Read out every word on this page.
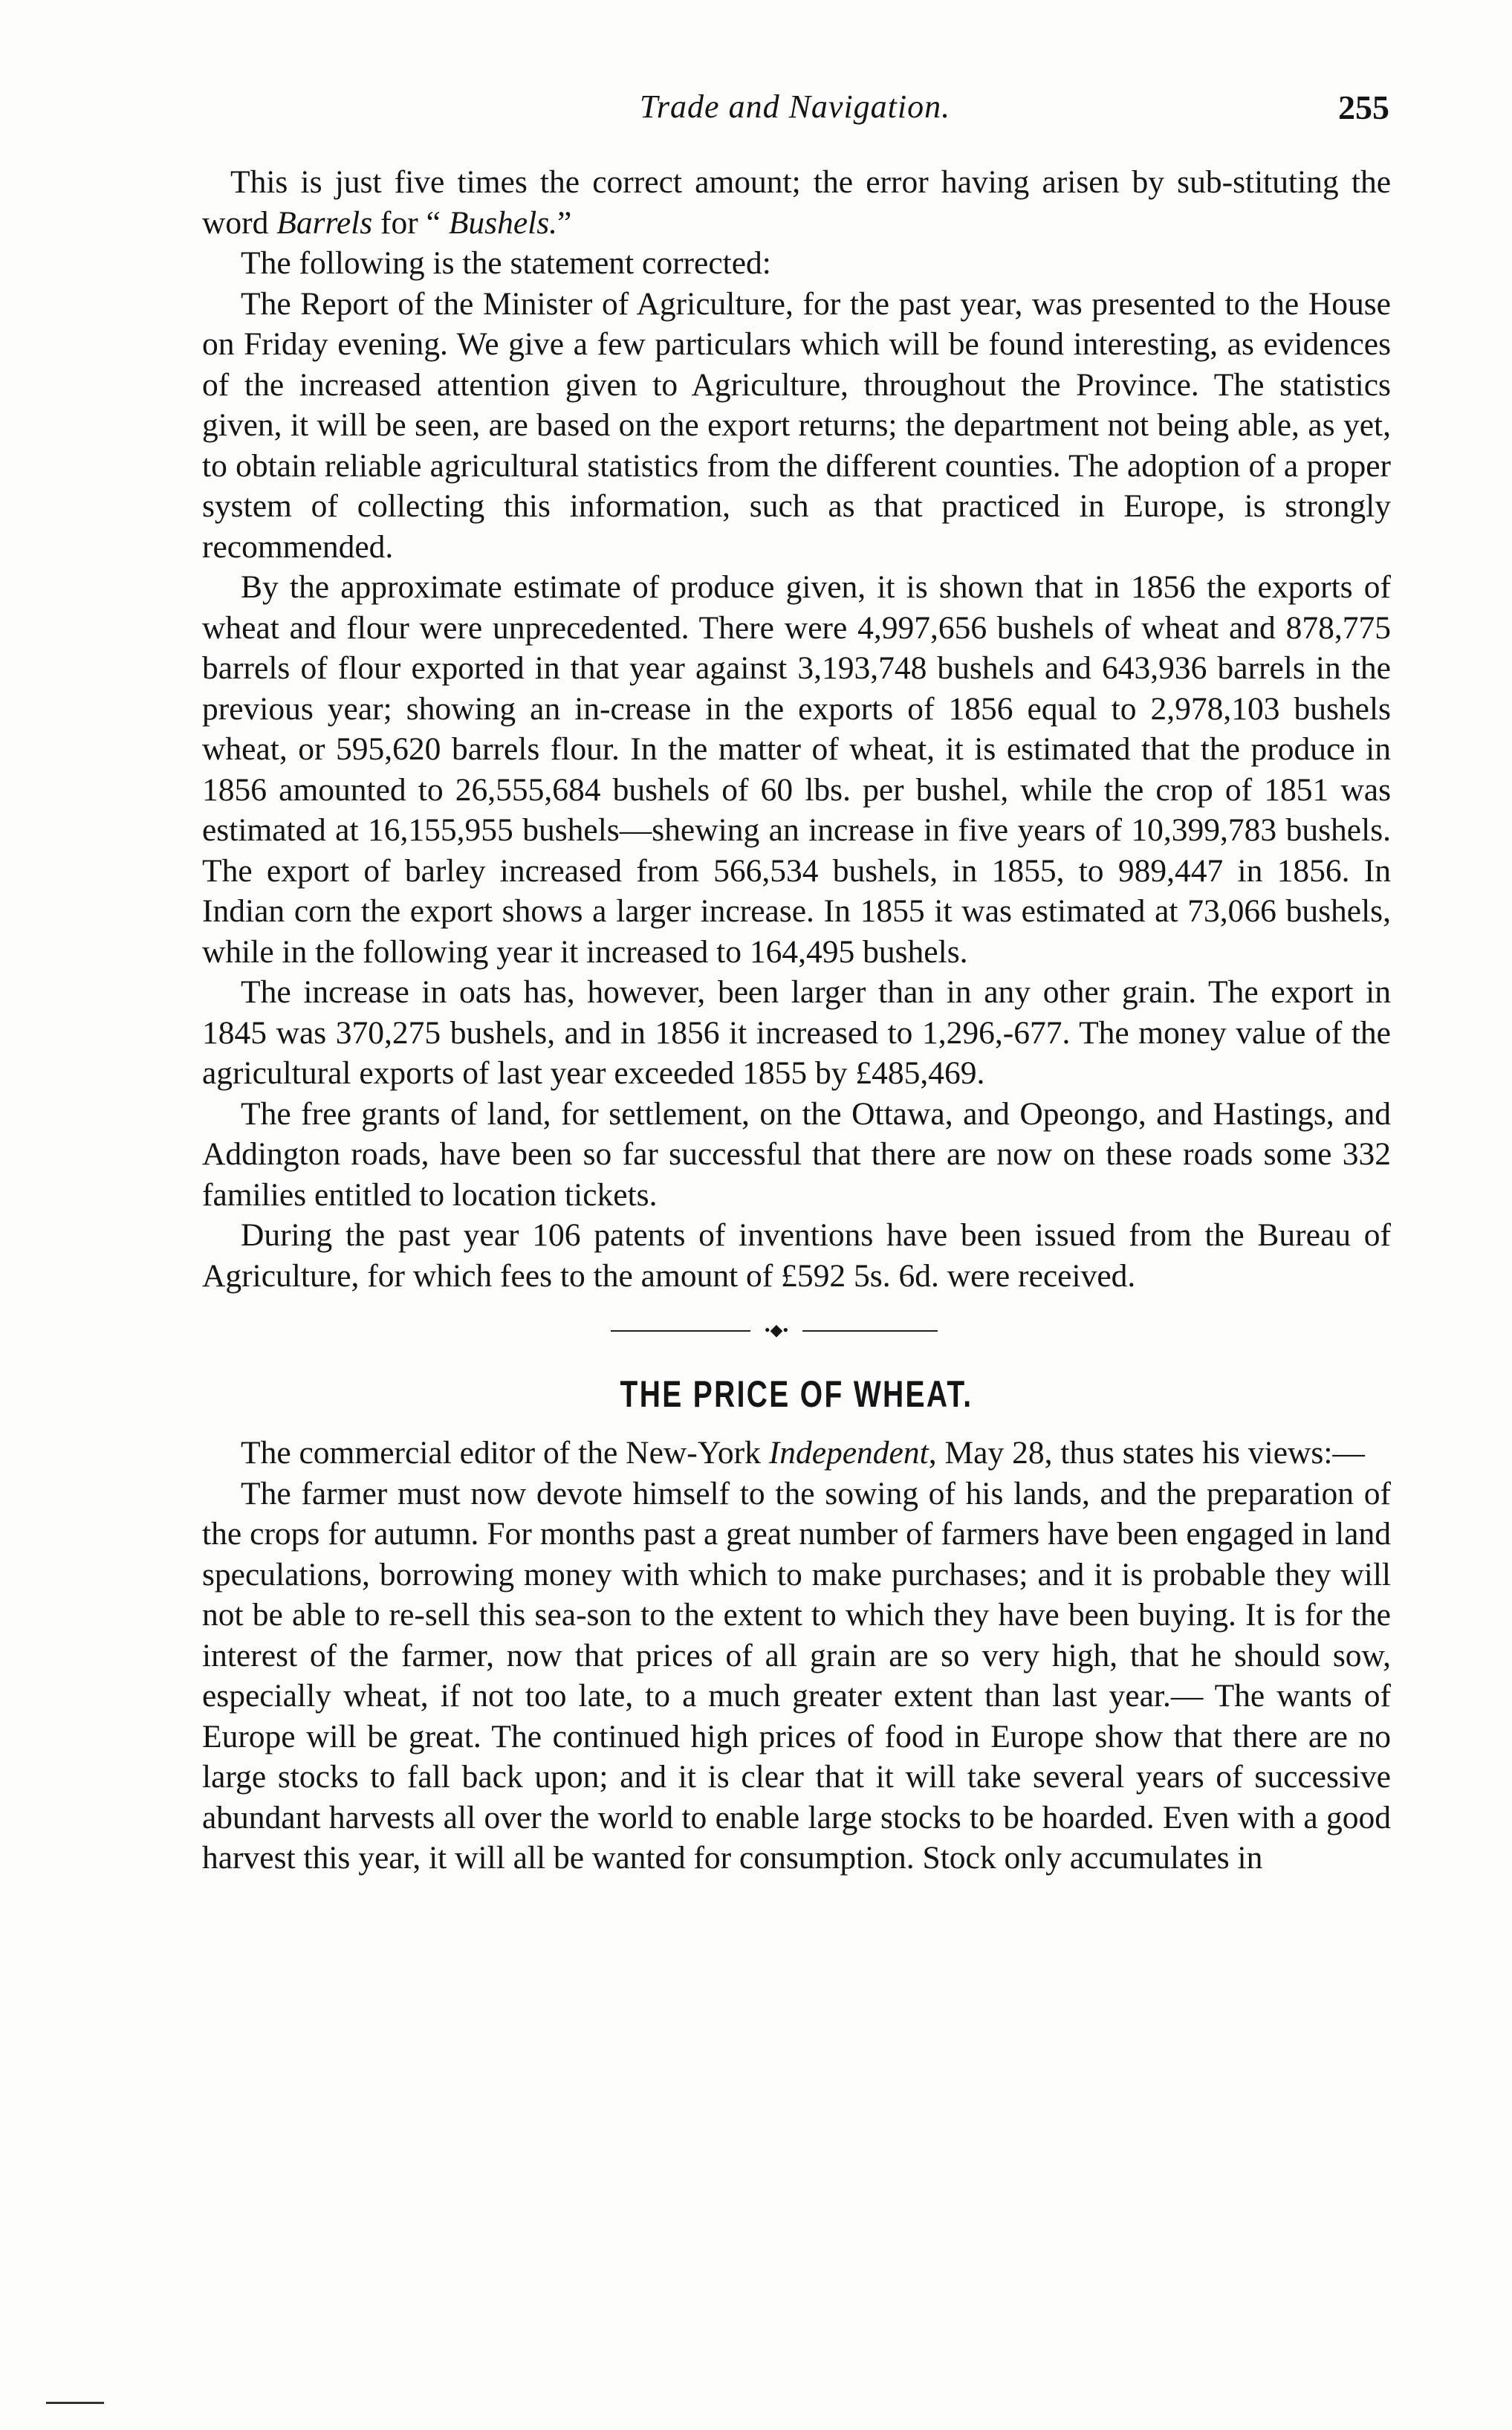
Trade and Navigation.	255

This is just five times the correct amount; the error having arisen by sub-stituting the word Barrels for “ Bushels.”

The following is the statement corrected:

The Report of the Minister of Agriculture, for the past year, was presented to the House on Friday evening. We give a few particulars which will be found interesting, as evidences of the increased attention given to Agriculture, throughout the Province. The statistics given, it will be seen, are based on the export returns; the department not being able, as yet, to obtain reliable agricultural statistics from the different counties. The adoption of a proper system of collecting this information, such as that practiced in Europe, is strongly recommended.

By the approximate estimate of produce given, it is shown that in 1856 the exports of wheat and flour were unprecedented. There were 4,997,656 bushels of wheat and 878,775 barrels of flour exported in that year against 3,193,748 bushels and 643,936 barrels in the previous year; showing an in-crease in the exports of 1856 equal to 2,978,103 bushels wheat, or 595,620 barrels flour. In the matter of wheat, it is estimated that the produce in 1856 amounted to 26,555,684 bushels of 60 lbs. per bushel, while the crop of 1851 was estimated at 16,155,955 bushels—shewing an increase in five years of 10,399,783 bushels. The export of barley increased from 566,534 bushels, in 1855, to 989,447 in 1856. In Indian corn the export shows a larger increase. In 1855 it was estimated at 73,066 bushels, while in the following year it increased to 164,495 bushels.

The increase in oats has, however, been larger than in any other grain. The export in 1845 was 370,275 bushels, and in 1856 it increased to 1,296,-677. The money value of the agricultural exports of last year exceeded 1855 by £485,469.

The free grants of land, for settlement, on the Ottawa, and Opeongo, and Hastings, and Addington roads, have been so far successful that there are now on these roads some 332 families entitled to location tickets.

During the past year 106 patents of inventions have been issued from the Bureau of Agriculture, for which fees to the amount of £592 5s. 6d. were received.

•◆•
THE PRICE OF WHEAT.

The commercial editor of the New-York Independent, May 28, thus states his views:—

The farmer must now devote himself to the sowing of his lands, and the preparation of the crops for autumn. For months past a great number of farmers have been engaged in land speculations, borrowing money with which to make purchases; and it is probable they will not be able to re-sell this sea-son to the extent to which they have been buying. It is for the interest of the farmer, now that prices of all grain are so very high, that he should sow, especially wheat, if not too late, to a much greater extent than last year.— The wants of Europe will be great. The continued high prices of food in Europe show that there are no large stocks to fall back upon; and it is clear that it will take several years of successive abundant harvests all over the world to enable large stocks to be hoarded. Even with a good harvest this year, it will all be wanted for consumption. Stock only accumulates in
